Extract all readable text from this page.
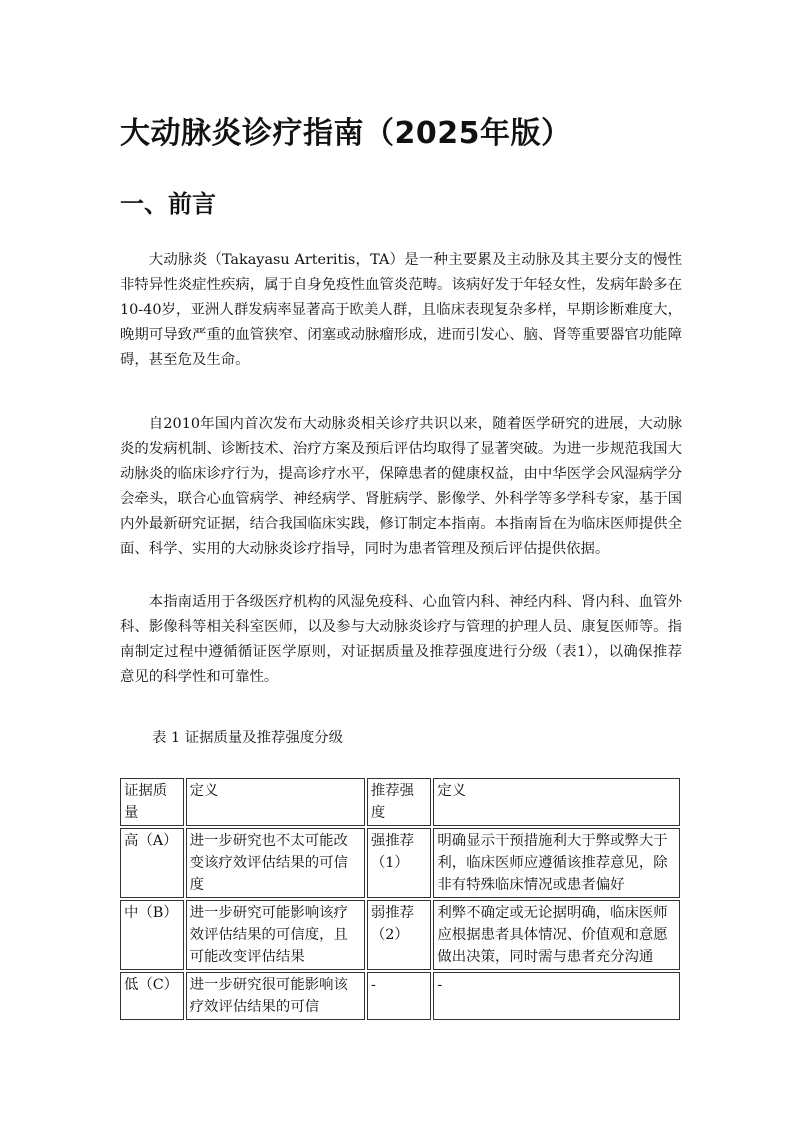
大动脉炎诊疗指南（2025年版）
一、前言

大动脉炎（Takayasu Arteritis，TA）是一种主要累及主动脉及其主要分支的慢性非特异性炎症性疾病，属于自身免疫性血管炎范畴。该病好发于年轻女性，发病年龄多在10-40岁，亚洲人群发病率显著高于欧美人群，且临床表现复杂多样，早期诊断难度大，晚期可导致严重的血管狭窄、闭塞或动脉瘤形成，进而引发心、脑、肾等重要器官功能障碍，甚至危及生命。

自2010年国内首次发布大动脉炎相关诊疗共识以来，随着医学研究的进展，大动脉炎的发病机制、诊断技术、治疗方案及预后评估均取得了显著突破。为进一步规范我国大动脉炎的临床诊疗行为，提高诊疗水平，保障患者的健康权益，由中华医学会风湿病学分会牵头，联合心血管病学、神经病学、肾脏病学、影像学、外科学等多学科专家，基于国内外最新研究证据，结合我国临床实践，修订制定本指南。本指南旨在为临床医师提供全面、科学、实用的大动脉炎诊疗指导，同时为患者管理及预后评估提供依据。

本指南适用于各级医疗机构的风湿免疫科、心血管内科、神经内科、肾内科、血管外科、影像科等相关科室医师，以及参与大动脉炎诊疗与管理的护理人员、康复医师等。指南制定过程中遵循循证医学原则，对证据质量及推荐强度进行分级（表1），以确保推荐意见的科学性和可靠性。

表 1 证据质量及推荐强度分级

证据质量	定义	推荐强度	定义
高（A）	进一步研究也不太可能改变该疗效评估结果的可信度	强推荐（1）	明确显示干预措施利大于弊或弊大于利，临床医师应遵循该推荐意见，除非有特殊临床情况或患者偏好
中（B）	进一步研究可能影响该疗效评估结果的可信度，且可能改变评估结果	弱推荐（2）	利弊不确定或无论据明确，临床医师应根据患者具体情况、价值观和意愿做出决策，同时需与患者充分沟通
低（C）	进一步研究很可能影响该疗效评估结果的可信	-	-
